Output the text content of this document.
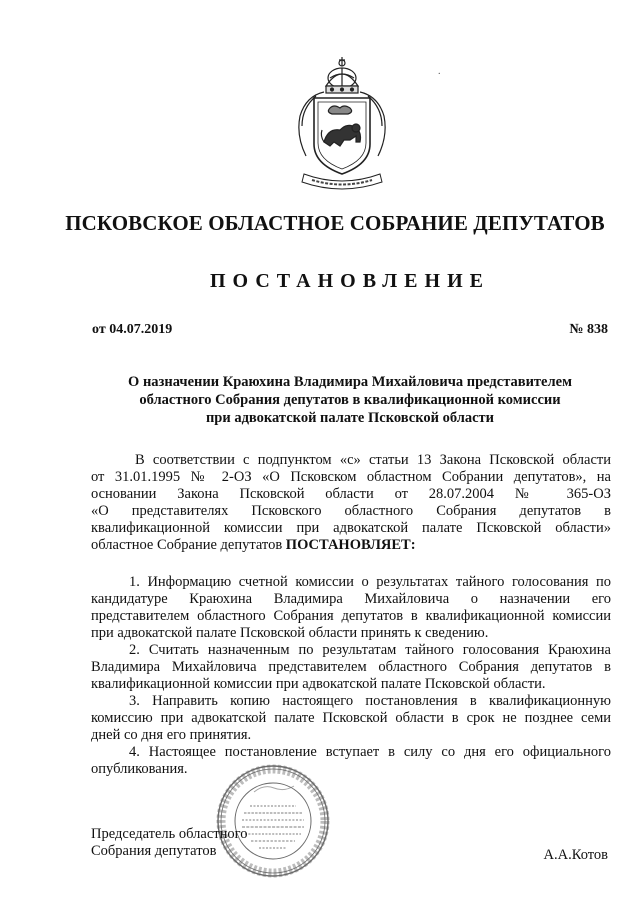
.
ПСКОВСКОЕ ОБЛАСТНОЕ СОБРАНИЕ ДЕПУТАТОВ
ПОСТАНОВЛЕНИЕ
от 04.07.2019	№ 838
О назначении Краюхина Владимира Михайловича представителем
областного Собрания депутатов в квалификационной комиссии
при адвокатской палате Псковской области
В соответствии с подпунктом «с» статьи 13 Закона Псковской области
от 31.01.1995 № 2-ОЗ «О Псковском областном Собрании депутатов», на
основании Закона Псковской области от 28.07.2004 № 365-ОЗ
«О представителях Псковского областного Собрания депутатов в
квалификационной комиссии при адвокатской палате Псковской области»
областное Собрание депутатов ПОСТАНОВЛЯЕТ:
1. Информацию счетной комиссии о результатах тайного голосования по
кандидатуре Краюхина Владимира Михайловича о назначении его
представителем областного Собрания депутатов в квалификационной комиссии
при адвокатской палате Псковской области принять к сведению.
2. Считать назначенным по результатам тайного голосования Краюхина
Владимира Михайловича представителем областного Собрания депутатов в
квалификационной комиссии при адвокатской палате Псковской области.
3. Направить копию настоящего постановления в квалификационную
комиссию при адвокатской палате Псковской области в срок не позднее семи
дней со дня его принятия.
4. Настоящее постановление вступает в силу со дня его официального
опубликования.
Председатель областного
Собрания депутатов	А.А.Котов
